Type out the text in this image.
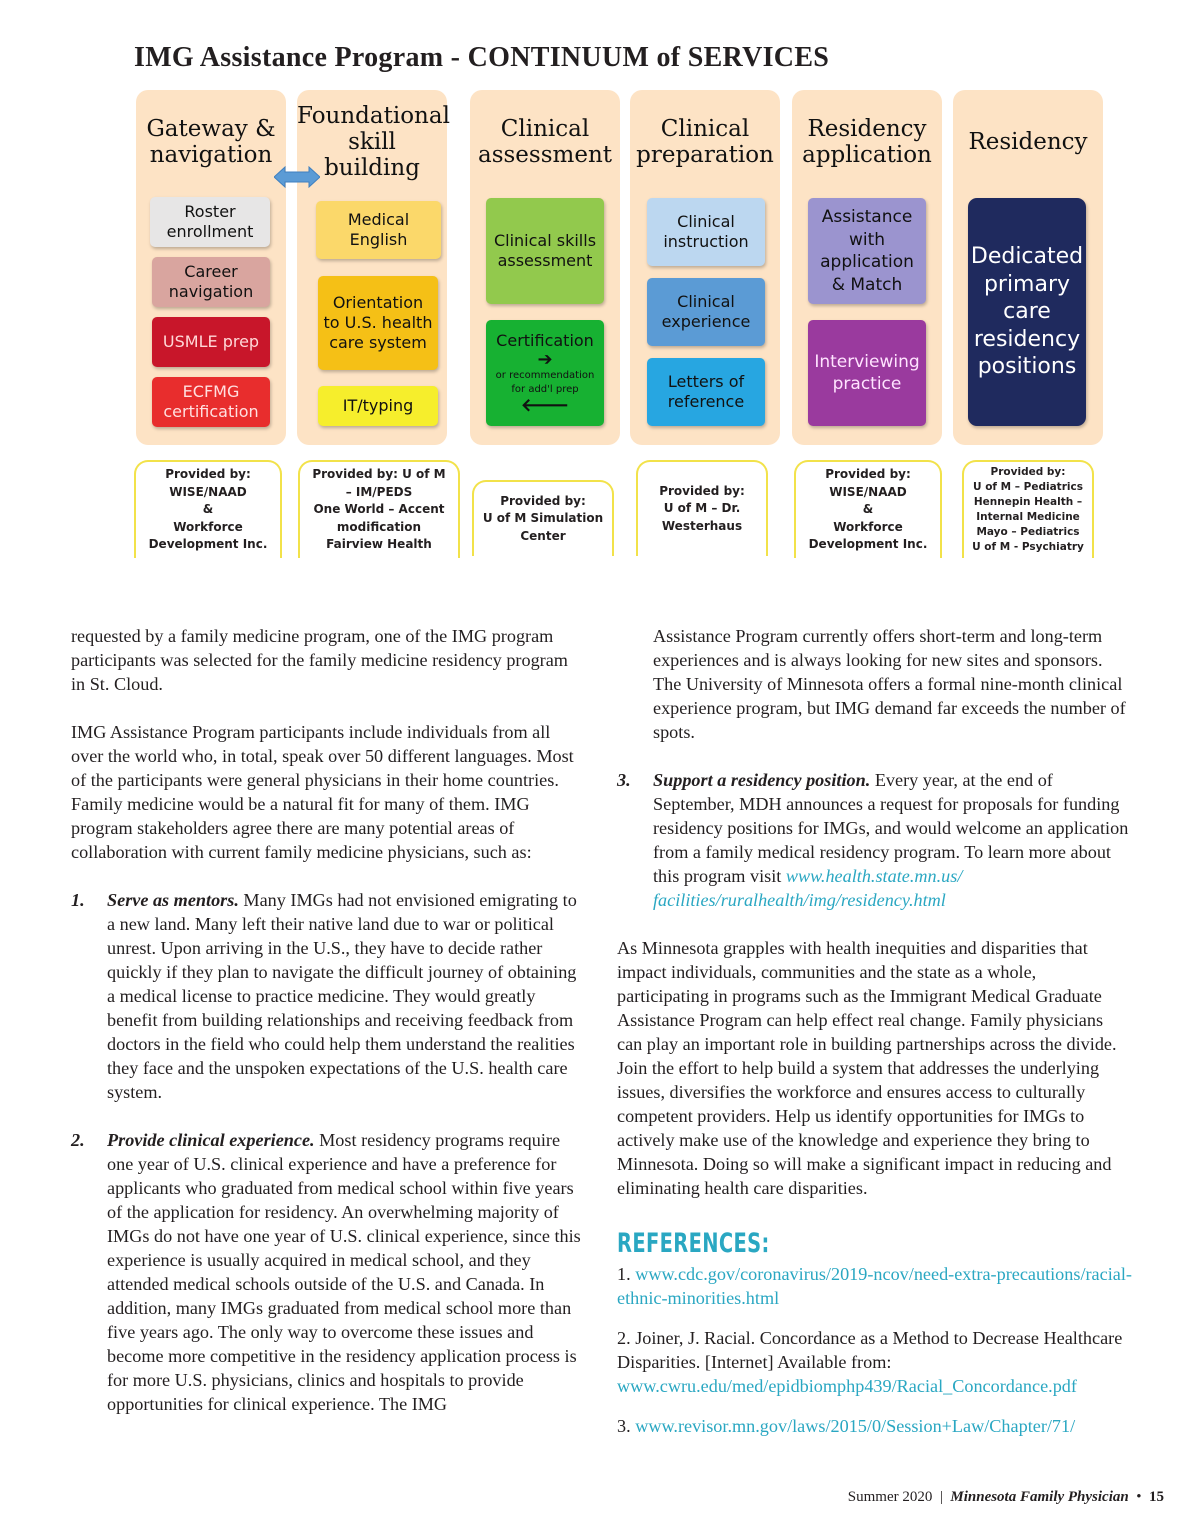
IMG Assistance Program - CONTINUUM of SERVICES
Gateway &
navigation
Roster
enrollment
Career
navigation
USMLE prep
ECFMG
certification
Provided by:
WISE/NAAD
&
Workforce
Development Inc.
Foundational
skill
building
Medical
English
Orientation
to U.S. health
care system
IT/typing
Provided by: U of M
– IM/PEDS
One World – Accent
modification
Fairview Health
Clinical
assessment
Clinical skills
assessment
Certification
➔
or recommendation
for add'l prep
🡐
Provided by:
U of M Simulation
Center
Clinical
preparation
Clinical
instruction
Clinical
experience
Letters of
reference
Provided by:
U of M – Dr.
Westerhaus
Residency
application
Assistance
with
application
& Match
Interviewing
practice
Provided by:
WISE/NAAD
&
Workforce
Development Inc.
Residency
Dedicated
primary
care
residency
positions
Provided by:
U of M – Pediatrics
Hennepin Health –
Internal Medicine
Mayo – Pediatrics
U of M - Psychiatry

requested by a family medicine program, one of the IMG program participants was selected for the family medicine residency program in St. Cloud.

IMG Assistance Program participants include individuals from all over the world who, in total, speak over 50 different languages. Most of the participants were general physicians in their home countries. Family medicine would be a natural fit for many of them. IMG program stakeholders agree there are many potential areas of collaboration with current family medicine physicians, such as:

1. Serve as mentors. Many IMGs had not envisioned emigrating to a new land. Many left their native land due to war or political unrest. Upon arriving in the U.S., they have to decide rather quickly if they plan to navigate the difficult journey of obtaining a medical license to practice medicine. They would greatly benefit from building relationships and receiving feedback from doctors in the field who could help them understand the realities they face and the unspoken expectations of the U.S. health care system.
2. Provide clinical experience. Most residency programs require one year of U.S. clinical experience and have a preference for applicants who graduated from medical school within five years of the application for residency. An overwhelming majority of IMGs do not have one year of U.S. clinical experience, since this experience is usually acquired in medical school, and they attended medical schools outside of the U.S. and Canada. In addition, many IMGs graduated from medical school more than five years ago. The only way to overcome these issues and become more competitive in the residency application process is for more U.S. physicians, clinics and hospitals to provide opportunities for clinical experience. The IMG

Assistance Program currently offers short-term and long-term experiences and is always looking for new sites and sponsors. The University of Minnesota offers a formal nine-month clinical experience program, but IMG demand far exceeds the number of spots.

3. Support a residency position. Every year, at the end of September, MDH announces a request for proposals for funding residency positions for IMGs, and would welcome an application from a family medical residency program. To learn more about this program visit www.health.state.mn.us/ facilities/ruralhealth/img/residency.html

As Minnesota grapples with health inequities and disparities that impact individuals, communities and the state as a whole, participating in programs such as the Immigrant Medical Graduate Assistance Program can help effect real change. Family physicians can play an important role in building partnerships across the divide. Join the effort to help build a system that addresses the underlying issues, diversifies the workforce and ensures access to culturally competent providers. Help us identify opportunities for IMGs to actively make use of the knowledge and experience they bring to Minnesota. Doing so will make a significant impact in reducing and eliminating health care disparities.

REFERENCES:

1. www.cdc.gov/coronavirus/2019-ncov/need-extra-precautions/racial-ethnic-minorities.html

2. Joiner, J. Racial. Concordance as a Method to Decrease Healthcare Disparities. [Internet] Available from: www.cwru.edu/med/epidbiomphp439/Racial_Concordance.pdf

3. www.revisor.mn.gov/laws/2015/0/Session+Law/Chapter/71/

Summer 2020 | Minnesota Family Physician • 15
